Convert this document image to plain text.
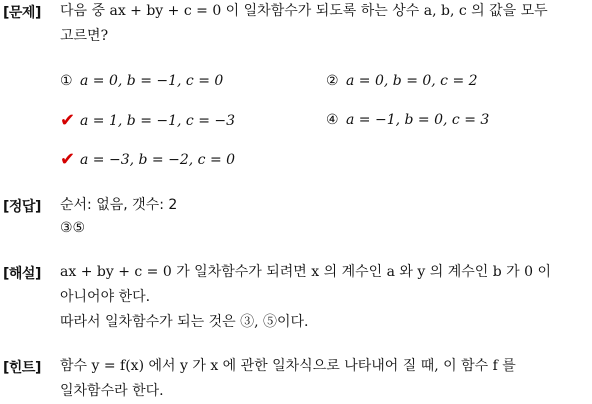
[문제] 다음 중 ax + by + c = 0 이 일차함수가 되도록 하는 상수 a, b, c 의 값을 모두
고르면?
① a = 0, b = −1, c = 0	② a = 0, b = 0, c = 2
✔ a = 1, b = −1, c = −3	④ a = −1, b = 0, c = 3
✔ a = −3, b = −2, c = 0
[정답] 순서: 없음, 갯수: 2
③⑤
[해설] ax + by + c = 0 가 일차함수가 되려면 x 의 계수인 a 와 y 의 계수인 b 가 0 이
아니어야 한다.
따라서 일차함수가 되는 것은 ③, ⑤이다.
[힌트] 함수 y = f(x) 에서 y 가 x 에 관한 일차식으로 나타내어 질 때, 이 함수 f 를
일차함수라 한다.
